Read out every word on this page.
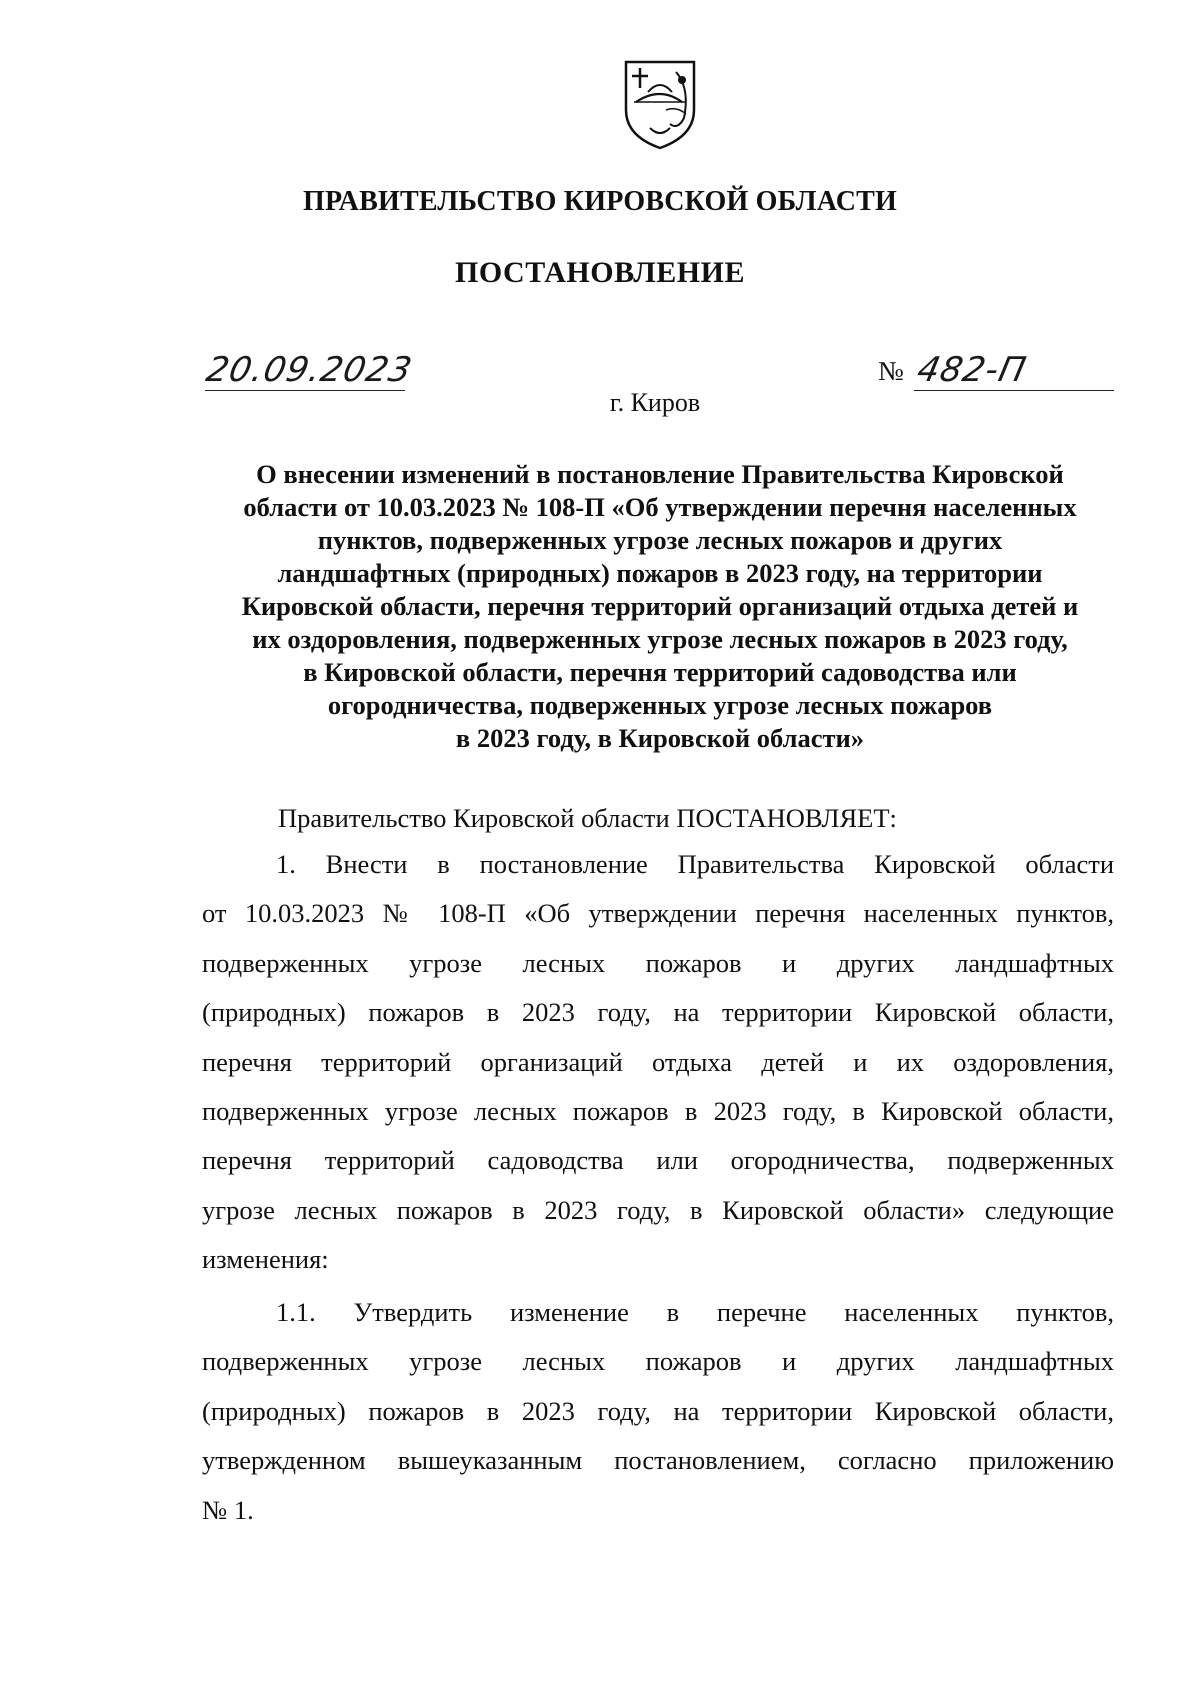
ПРАВИТЕЛЬСТВО КИРОВСКОЙ ОБЛАСТИ
ПОСТАНОВЛЕНИЕ
20.09.2023	№ 482-П
г. Киров
О внесении изменений в постановление Правительства Кировской
области от 10.03.2023 № 108-П «Об утверждении перечня населенных
пунктов, подверженных угрозе лесных пожаров и других
ландшафтных (природных) пожаров в 2023 году, на территории
Кировской области, перечня территорий организаций отдыха детей и
их оздоровления, подверженных угрозе лесных пожаров в 2023 году,
в Кировской области, перечня территорий садоводства или
огородничества, подверженных угрозе лесных пожаров
в 2023 году, в Кировской области»
Правительство Кировской области ПОСТАНОВЛЯЕТ:
1. Внести в постановление Правительства Кировской области
от 10.03.2023 № 108-П «Об утверждении перечня населенных пунктов,
подверженных угрозе лесных пожаров и других ландшафтных
(природных) пожаров в 2023 году, на территории Кировской области,
перечня территорий организаций отдыха детей и их оздоровления,
подверженных угрозе лесных пожаров в 2023 году, в Кировской области,
перечня территорий садоводства или огородничества, подверженных
угрозе лесных пожаров в 2023 году, в Кировской области» следующие
изменения:
1.1. Утвердить изменение в перечне населенных пунктов,
подверженных угрозе лесных пожаров и других ландшафтных
(природных) пожаров в 2023 году, на территории Кировской области,
утвержденном вышеуказанным постановлением, согласно приложению
№ 1.
